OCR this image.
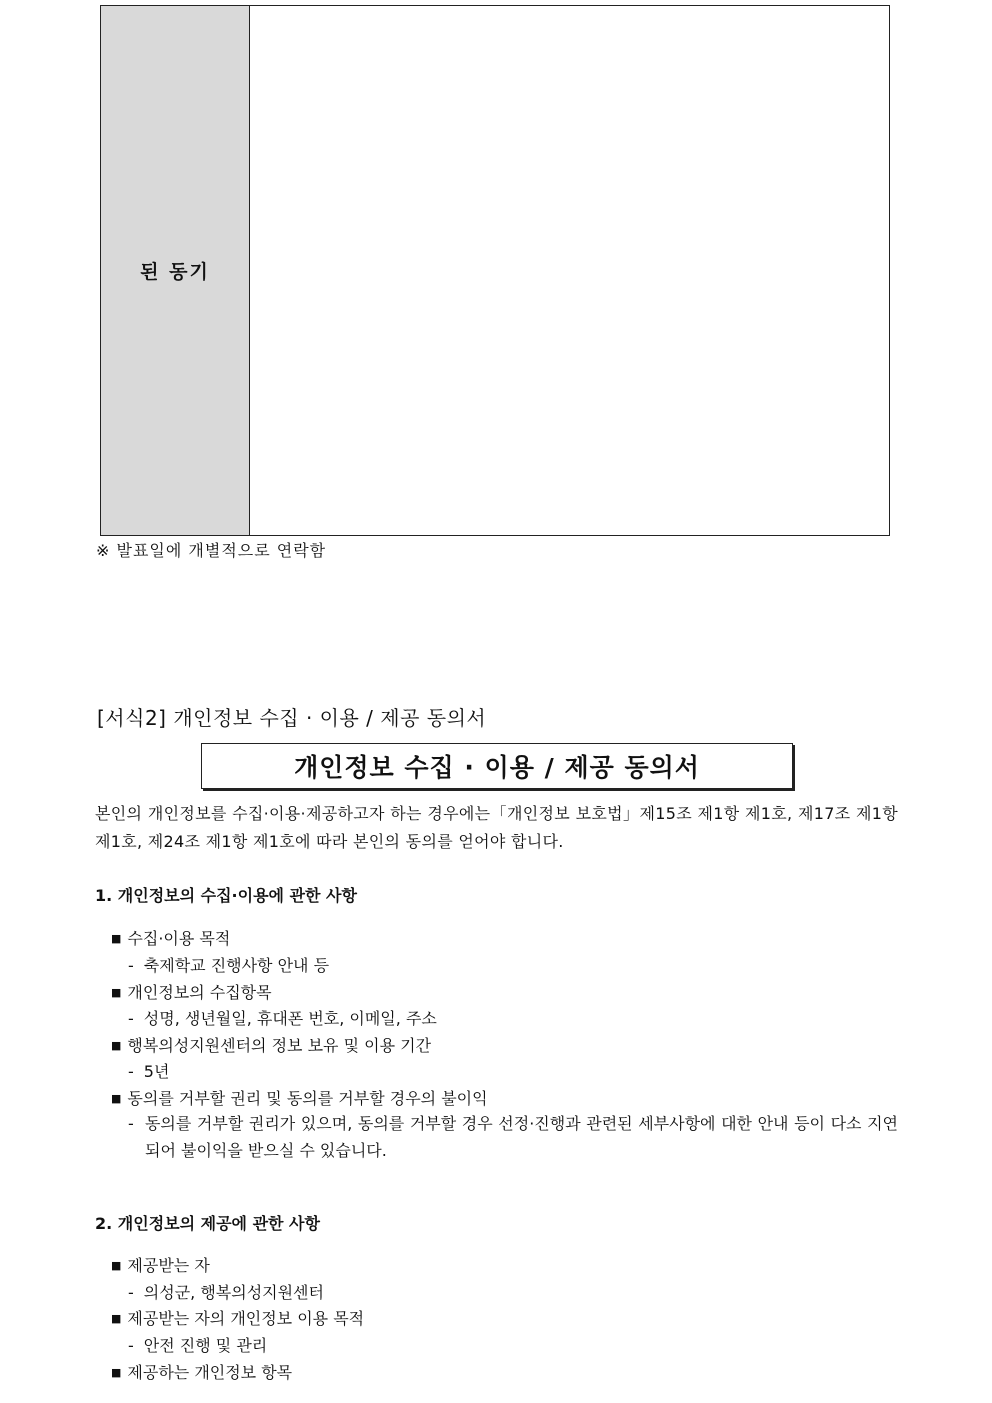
된 동기
※ 발표일에 개별적으로 연락함
[서식2] 개인정보 수집 · 이용 / 제공 동의서
개인정보 수집 · 이용 / 제공 동의서
본인의 개인정보를 수집·이용·제공하고자 하는 경우에는「개인정보 보호법」제15조 제1항 제1호, 제17조 제1항 제1호, 제24조 제1항 제1호에 따라 본인의 동의를 얻어야 합니다.
1. 개인정보의 수집·이용에 관한 사항
■ 수집·이용 목적
- 축제학교 진행사항 안내 등
■ 개인정보의 수집항목
- 성명, 생년월일, 휴대폰 번호, 이메일, 주소
■ 행복의성지원센터의 정보 보유 및 이용 기간
- 5년
■ 동의를 거부할 권리 및 동의를 거부할 경우의 불이익
- 동의를 거부할 권리가 있으며, 동의를 거부할 경우 선정·진행과 관련된 세부사항에 대한 안내 등이 다소 지연되어 불이익을 받으실 수 있습니다.
2. 개인정보의 제공에 관한 사항
■ 제공받는 자
- 의성군, 행복의성지원센터
■ 제공받는 자의 개인정보 이용 목적
- 안전 진행 및 관리
■ 제공하는 개인정보 항목
